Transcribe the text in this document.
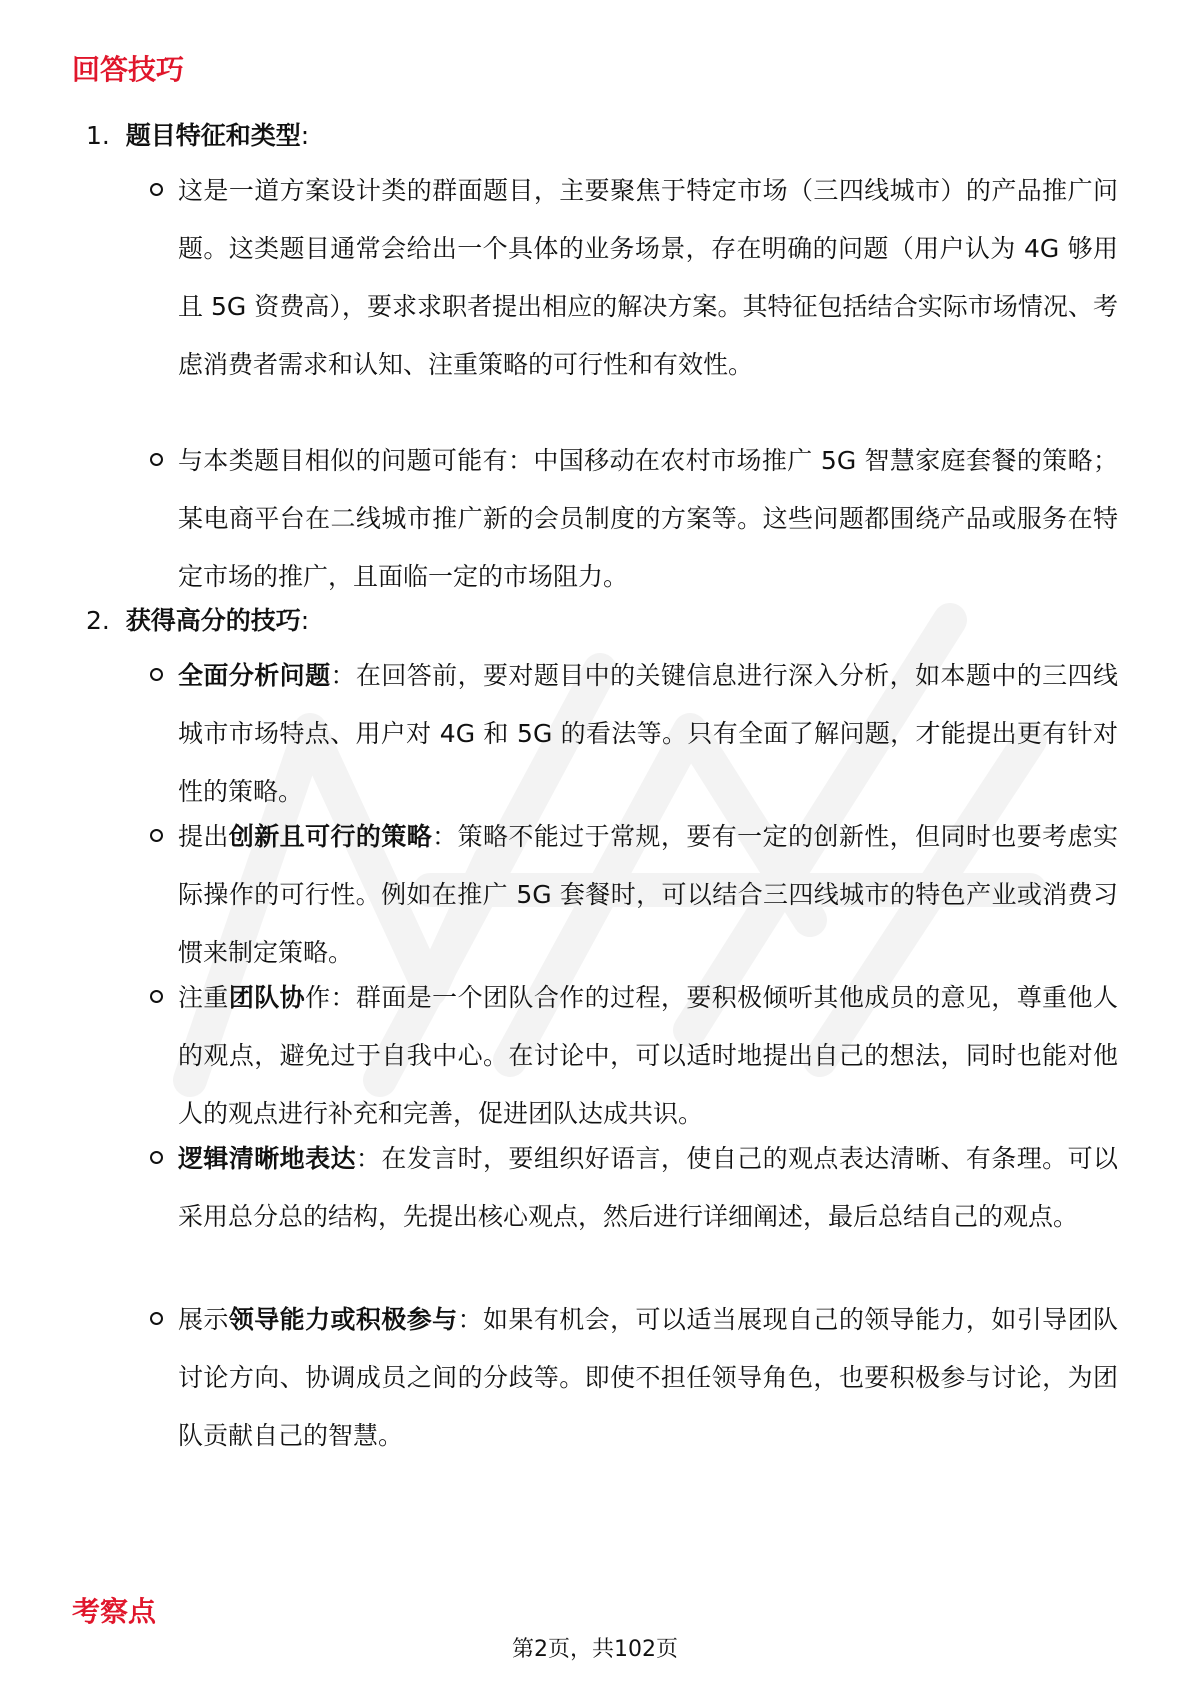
回答技巧
1. 题目特征和类型:

这是一道方案设计类的群面题目，主要聚焦于特定市场（三四线城市）的产品推广问题。这类题目通常会给出一个具体的业务场景，存在明确的问题（用户认为 4G 够用且 5G 资费高），要求求职者提出相应的解决方案。其特征包括结合实际市场情况、考虑消费者需求和认知、注重策略的可行性和有效性。

与本类题目相似的问题可能有：中国移动在农村市场推广 5G 智慧家庭套餐的策略；某电商平台在二线城市推广新的会员制度的方案等。这些问题都围绕产品或服务在特定市场的推广，且面临一定的市场阻力。

2. 获得高分的技巧:

全面分析问题：在回答前，要对题目中的关键信息进行深入分析，如本题中的三四线城市市场特点、用户对 4G 和 5G 的看法等。只有全面了解问题，才能提出更有针对性的策略。

提出创新且可行的策略：策略不能过于常规，要有一定的创新性，但同时也要考虑实际操作的可行性。例如在推广 5G 套餐时，可以结合三四线城市的特色产业或消费习惯来制定策略。

注重团队协作：群面是一个团队合作的过程，要积极倾听其他成员的意见，尊重他人的观点，避免过于自我中心。在讨论中，可以适时地提出自己的想法，同时也能对他人的观点进行补充和完善，促进团队达成共识。

逻辑清晰地表达：在发言时，要组织好语言，使自己的观点表达清晰、有条理。可以采用总分总的结构，先提出核心观点，然后进行详细阐述，最后总结自己的观点。

展示领导能力或积极参与：如果有机会，可以适当展现自己的领导能力，如引导团队讨论方向、协调成员之间的分歧等。即使不担任领导角色，也要积极参与讨论，为团队贡献自己的智慧。

考察点
第2页，共102页
